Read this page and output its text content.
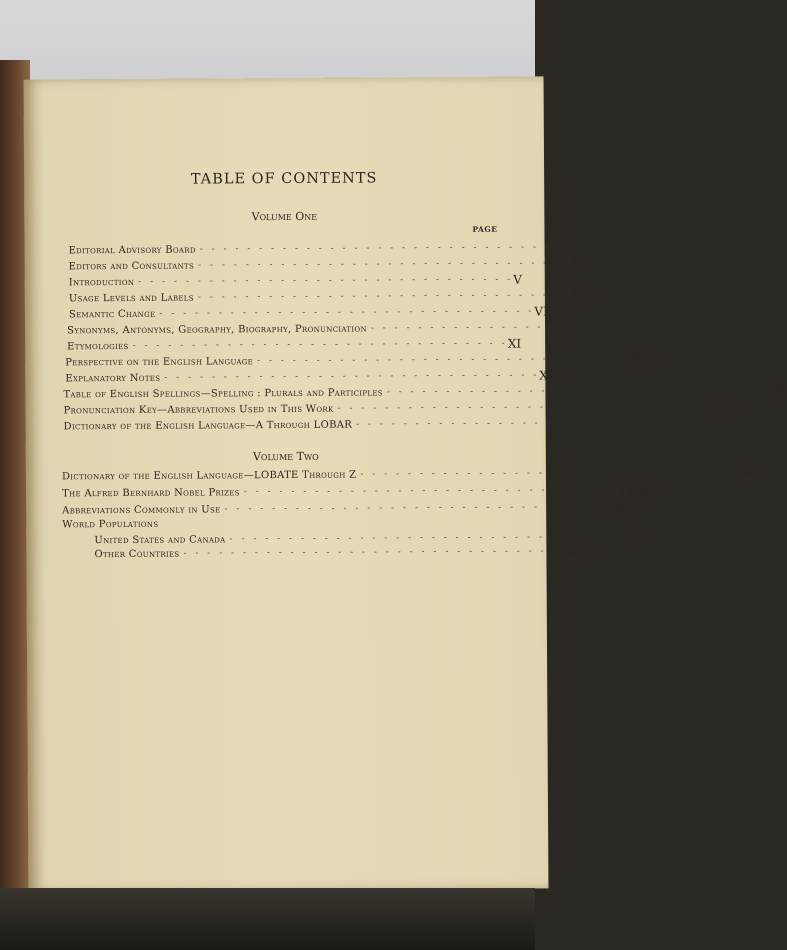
TABLE OF CONTENTS
Volume One
PAGE
Editorial Advisory Board - - - - - - - - - - - - - - - - - - - - - - - - - - - - - - - - III
Editors and Consultants - - - - - - - - - - - - - - - - - - - - - - - - - - - - - - - - IV
Introduction - - - - - - - - - - - - - - - - - - - - - - - - - - - - - - - - V
Usage Levels and Labels - - - - - - - - - - - - - - - - - - - - - - - - - - - - - - - - VI
Semantic Change - - - - - - - - - - - - - - - - - - - - - - - - - - - - - - - - VII
Synonyms, Antonyms, Geography, Biography, Pronunciation - - - - - - - - - - - - - - - - - - - - - - - - - - - - - - - - X
Etymologies - - - - - - - - - - - - - - - - - - - - - - - - - - - - - - - - XI
Perspective on the English Language - - - - - - - - - - - - - - - - - - - - - - - - - - - - - - - - XII
Explanatory Notes - - - - - - - - - - - - - - - - - - - - - - - - - - - - - - - - XVI
Table of English Spellings—Spelling : Plurals and Participles - - - - - - - - - - - - - - - - - - - - - - - - - - - - - - - - XIX
Pronunciation Key—Abbreviations Used in This Work - - - - - - - - - - - - - - - - - - - - - - - - - - - - - - - - XX
Dictionary of the English Language—A Through LOBAR - - - - - - - - - - - - - - - - - - - - - - - - - - - - - - - - 1
Volume Two
Dictionary of the English Language—LOBATE Through Z - - - - - - - - - - - - - - - - - - - - - - - - - - - - - - - - 747
The Alfred Bernhard Nobel Prizes - - - - - - - - - - - - - - - - - - - - - - - - - - - - - - - - 1466
Abbreviations Commonly in Use - - - - - - - - - - - - - - - - - - - - - - - - - - - - - - - - 1469
World Populations
United States and Canada - - - - - - - - - - - - - - - - - - - - - - - - - - - - - - - - 1479
Other Countries - - - - - - - - - - - - - - - - - - - - - - - - - - - - - - - - 1493
